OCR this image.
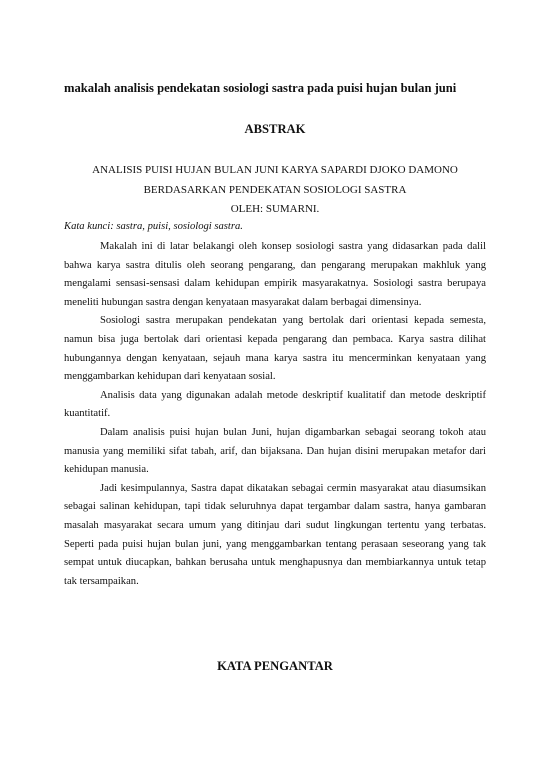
makalah analisis pendekatan sosiologi sastra pada puisi hujan bulan juni
ABSTRAK
ANALISIS PUISI HUJAN BULAN JUNI KARYA SAPARDI DJOKO DAMONO
BERDASARKAN PENDEKATAN SOSIOLOGI SASTRA
OLEH: SUMARNI.
Kata kunci: sastra, puisi, sosiologi sastra.

Makalah ini di latar belakangi oleh konsep sosiologi sastra yang didasarkan pada dalil bahwa karya sastra ditulis oleh seorang pengarang, dan pengarang merupakan makhluk yang mengalami sensasi-sensasi dalam kehidupan empirik masyarakatnya. Sosiologi sastra berupaya meneliti hubungan sastra dengan kenyataan masyarakat dalam berbagai dimensinya.

Sosiologi sastra merupakan pendekatan yang bertolak dari orientasi kepada semesta, namun bisa juga bertolak dari orientasi kepada pengarang dan pembaca. Karya sastra dilihat hubungannya dengan kenyataan, sejauh mana karya sastra itu mencerminkan kenyataan yang menggambarkan kehidupan dari kenyataan sosial.

Analisis data yang digunakan adalah metode deskriptif kualitatif dan metode deskriptif kuantitatif.

Dalam analisis puisi hujan bulan Juni, hujan digambarkan sebagai seorang tokoh atau manusia yang memiliki sifat tabah, arif, dan bijaksana. Dan hujan disini merupakan metafor dari kehidupan manusia.

Jadi kesimpulannya, Sastra dapat dikatakan sebagai cermin masyarakat atau diasumsikan sebagai salinan kehidupan, tapi tidak seluruhnya dapat tergambar dalam sastra, hanya gambaran masalah masyarakat secara umum yang ditinjau dari sudut lingkungan tertentu yang terbatas. Seperti pada puisi hujan bulan juni, yang menggambarkan tentang perasaan seseorang yang tak sempat untuk diucapkan, bahkan berusaha untuk menghapusnya dan membiarkannya untuk tetap tak tersampaikan.

KATA PENGANTAR
